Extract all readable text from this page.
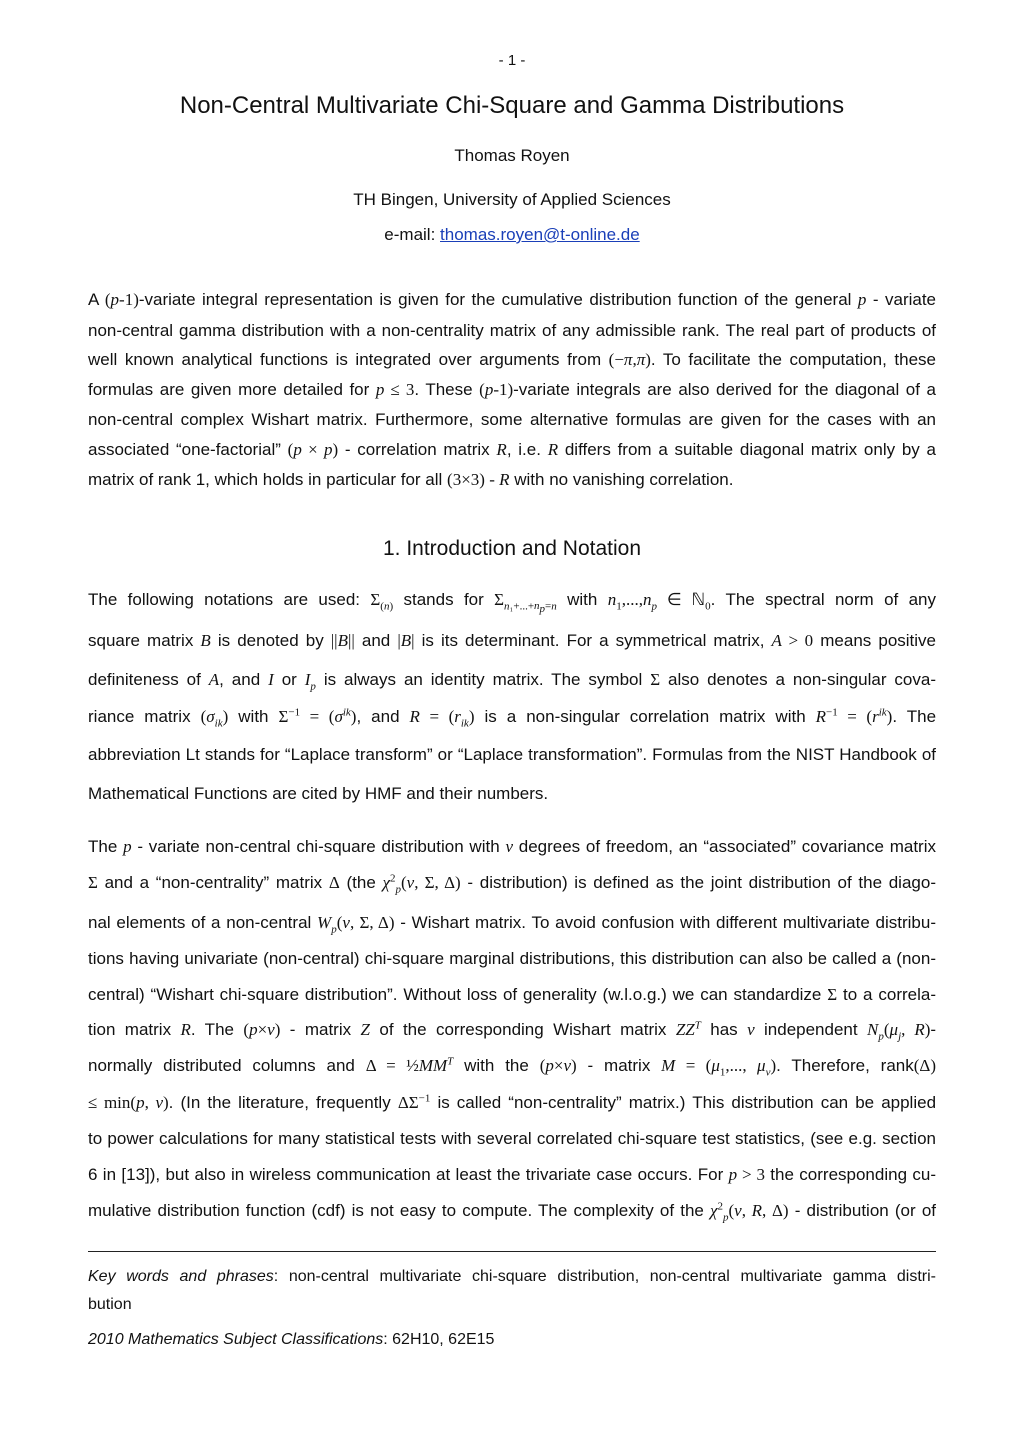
- 1 -
Non-Central Multivariate Chi-Square and Gamma Distributions
Thomas Royen
TH Bingen, University of Applied Sciences
e-mail: thomas.royen@t-online.de
A (p-1)-variate integral representation is given for the cumulative distribution function of the general p - variate
non-central gamma distribution with a non-centrality matrix of any admissible rank. The real part of products of
well known analytical functions is integrated over arguments from (−π,π). To facilitate the computation, these
formulas are given more detailed for p ≤ 3. These (p-1)-variate integrals are also derived for the diagonal of a
non-central complex Wishart matrix. Furthermore, some alternative formulas are given for the cases with an
associated “one-factorial” (p × p) - correlation matrix R, i.e. R differs from a suitable diagonal matrix only by a
matrix of rank 1, which holds in particular for all (3×3) - R with no vanishing correlation.
1. Introduction and Notation
The following notations are used: $\Sigma_{(n)}$ stands for $\Sigma_{n_1+...+n_p=n}$ with $n_1,...,n_p$ ∈ ℕ$_0$. The spectral norm of any
square matrix B is denoted by ||B|| and |B| is its determinant. For a symmetrical matrix, A > 0 means positive
definiteness of A, and I or $I_p$ is always an identity matrix. The symbol Σ also denotes a non-singular cova-
riance matrix $(\sigma_{ik})$ with $\Sigma^{-1} = (\sigma^{ik})$, and $R = (r_{ik})$ is a non-singular correlation matrix with $R^{-1} = (r^{ik})$. The
abbreviation Lt stands for “Laplace transform” or “Laplace transformation”. Formulas from the NIST Handbook of
Mathematical Functions are cited by HMF and their numbers.
The p - variate non-central chi-square distribution with ν degrees of freedom, an “associated” covariance matrix
Σ and a “non-centrality” matrix Δ (the $\chi^2_p(\nu$, Σ, Δ) - distribution) is defined as the joint distribution of the diago-
nal elements of a non-central $W_p(\nu$, Σ, Δ) - Wishart matrix. To avoid confusion with different multivariate distribu-
tions having univariate (non-central) chi-square marginal distributions, this distribution can also be called a (non-
central) “Wishart chi-square distribution”. Without loss of generality (w.l.o.g.) we can standardize Σ to a correla-
tion matrix R. The (p×ν) - matrix Z of the corresponding Wishart matrix $ZZ^T$ has ν independent $N_p(\mu_j$, R)-
normally distributed columns and $\Delta = \frac{1}{2}MM^T$ with the (p×ν) - matrix $M = (\mu_1$,..., $\mu_\nu$). Therefore, rank(Δ)
≤ min(p, ν). (In the literature, frequently $\Delta\Sigma^{-1}$ is called “non-centrality” matrix.) This distribution can be applied
to power calculations for many statistical tests with several correlated chi-square test statistics, (see e.g. section
6 in [13]), but also in wireless communication at least the trivariate case occurs. For p > 3 the corresponding cu-
mulative distribution function (cdf) is not easy to compute. The complexity of the $\chi^2_p(\nu$, R, Δ) - distribution (or of
Key words and phrases: non-central multivariate chi-square distribution, non-central multivariate gamma distri-
bution
2010 Mathematics Subject Classifications: 62H10, 62E15
